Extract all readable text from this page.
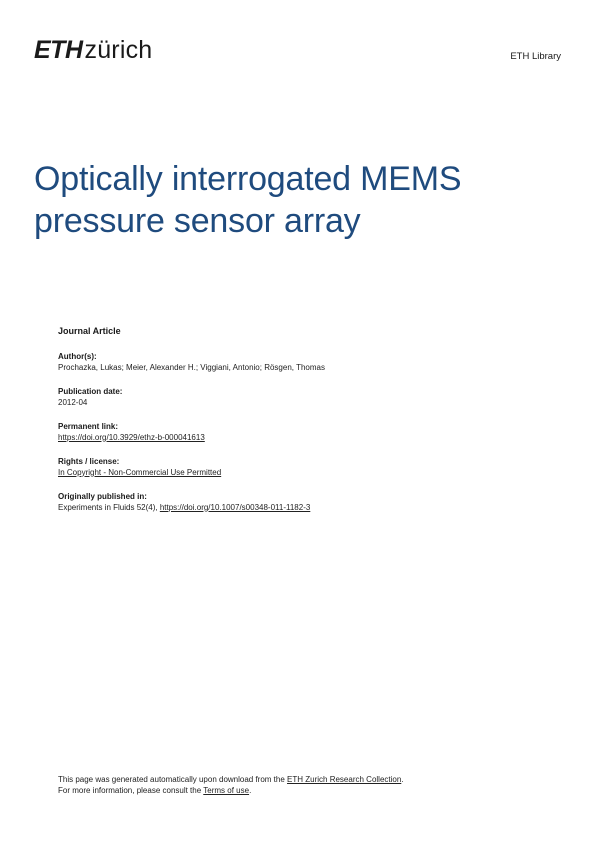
ETH zürich	ETH Library
Optically interrogated MEMS
pressure sensor array
Journal Article
Author(s):
Prochazka, Lukas; Meier, Alexander H.; Viggiani, Antonio; Rösgen, Thomas
Publication date:
2012-04
Permanent link:
https://doi.org/10.3929/ethz-b-000041613
Rights / license:
In Copyright - Non-Commercial Use Permitted
Originally published in:
Experiments in Fluids 52(4), https://doi.org/10.1007/s00348-011-1182-3
This page was generated automatically upon download from the ETH Zurich Research Collection.
For more information, please consult the Terms of use.
